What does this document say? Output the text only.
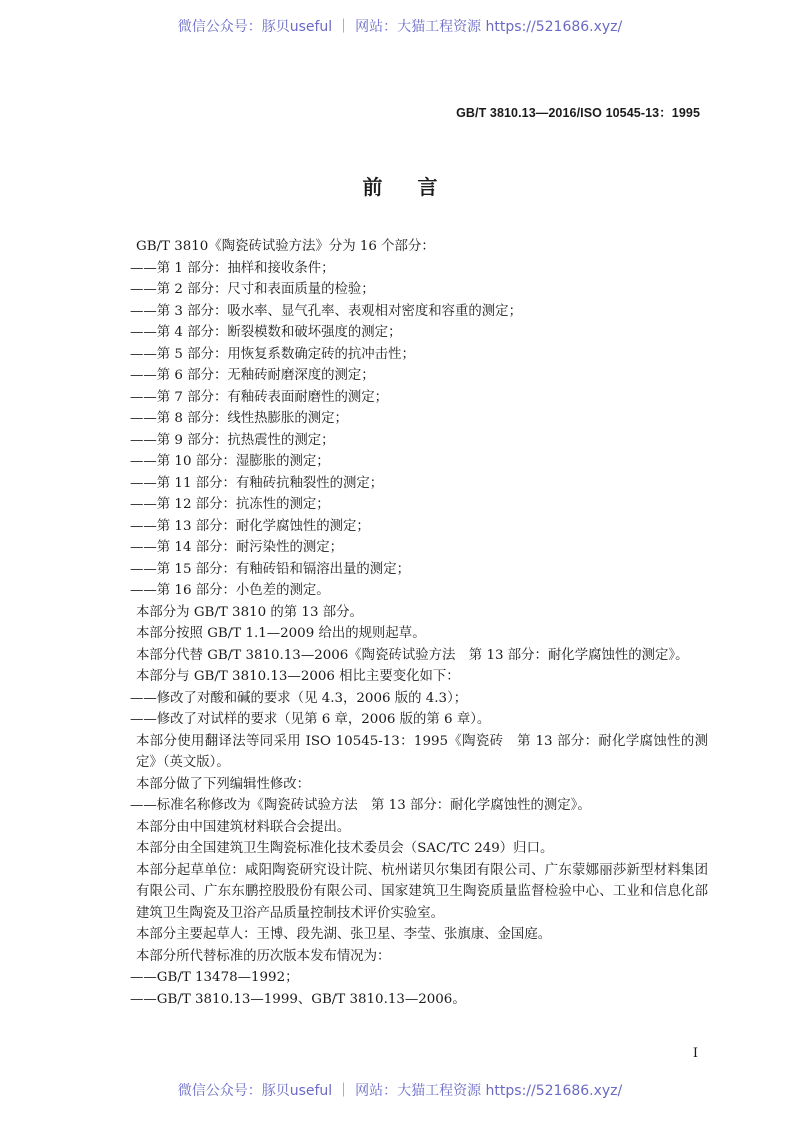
微信公众号：豚贝useful ｜ 网站：大猫工程资源 https://521686.xyz/
GB/T 3810.13—2016/ISO 10545-13：1995
前 言

GB/T 3810《陶瓷砖试验方法》分为 16 个部分：

——第 1 部分：抽样和接收条件；

——第 2 部分：尺寸和表面质量的检验；

——第 3 部分：吸水率、显气孔率、表观相对密度和容重的测定；

——第 4 部分：断裂模数和破坏强度的测定；

——第 5 部分：用恢复系数确定砖的抗冲击性；

——第 6 部分：无釉砖耐磨深度的测定；

——第 7 部分：有釉砖表面耐磨性的测定；

——第 8 部分：线性热膨胀的测定；

——第 9 部分：抗热震性的测定；

——第 10 部分：湿膨胀的测定；

——第 11 部分：有釉砖抗釉裂性的测定；

——第 12 部分：抗冻性的测定；

——第 13 部分：耐化学腐蚀性的测定；

——第 14 部分：耐污染性的测定；

——第 15 部分：有釉砖铅和镉溶出量的测定；

——第 16 部分：小色差的测定。

本部分为 GB/T 3810 的第 13 部分。

本部分按照 GB/T 1.1—2009 给出的规则起草。

本部分代替 GB/T 3810.13—2006《陶瓷砖试验方法　第 13 部分：耐化学腐蚀性的测定》。

本部分与 GB/T 3810.13—2006 相比主要变化如下：

——修改了对酸和碱的要求（见 4.3，2006 版的 4.3）；

——修改了对试样的要求（见第 6 章，2006 版的第 6 章）。

本部分使用翻译法等同采用 ISO 10545-13：1995《陶瓷砖　第 13 部分：耐化学腐蚀性的测定》（英文版）。

本部分做了下列编辑性修改：

——标准名称修改为《陶瓷砖试验方法　第 13 部分：耐化学腐蚀性的测定》。

本部分由中国建筑材料联合会提出。

本部分由全国建筑卫生陶瓷标准化技术委员会（SAC/TC 249）归口。

本部分起草单位：咸阳陶瓷研究设计院、杭州诺贝尔集团有限公司、广东蒙娜丽莎新型材料集团有限公司、广东东鹏控股股份有限公司、国家建筑卫生陶瓷质量监督检验中心、工业和信息化部建筑卫生陶瓷及卫浴产品质量控制技术评价实验室。

本部分主要起草人：王博、段先湖、张卫星、李莹、张旗康、金国庭。

本部分所代替标准的历次版本发布情况为：

——GB/T 13478—1992；

——GB/T 3810.13—1999、GB/T 3810.13—2006。

I
微信公众号：豚贝useful ｜ 网站：大猫工程资源 https://521686.xyz/
